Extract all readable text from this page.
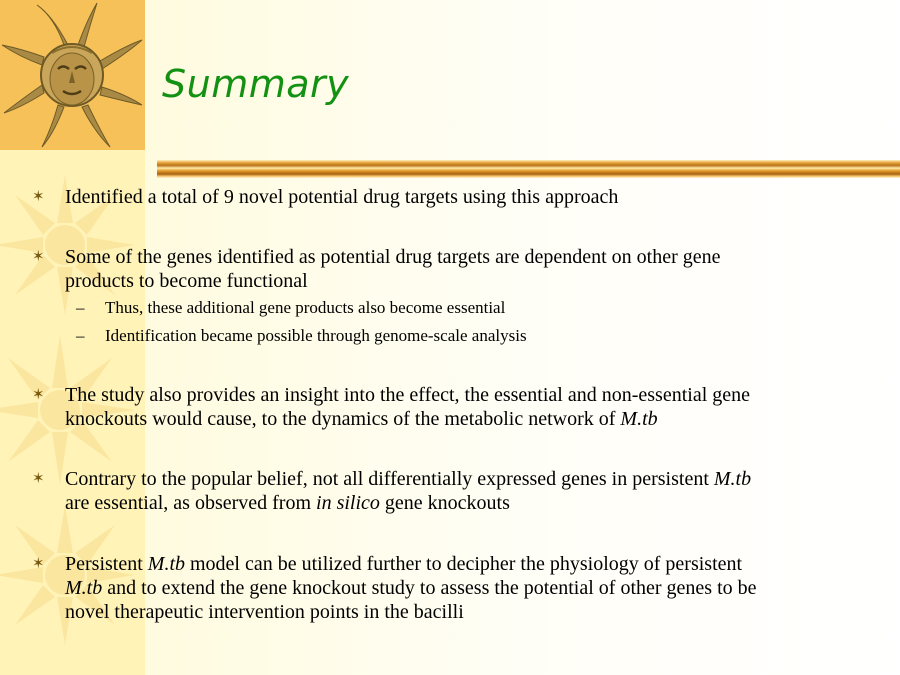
Summary
✶ Identified a total of 9 novel potential drug targets using this approach
✶ Some of the genes identified as potential drug targets are dependent on other gene
products to become functional
– Thus, these additional gene products also become essential
– Identification became possible through genome-scale analysis
✶ The study also provides an insight into the effect, the essential and non-essential gene
knockouts would cause, to the dynamics of the metabolic network of M.tb
✶ Contrary to the popular belief, not all differentially expressed genes in persistent M.tb
are essential, as observed from in silico gene knockouts
✶ Persistent M.tb model can be utilized further to decipher the physiology of persistent
M.tb and to extend the gene knockout study to assess the potential of other genes to be
novel therapeutic intervention points in the bacilli
